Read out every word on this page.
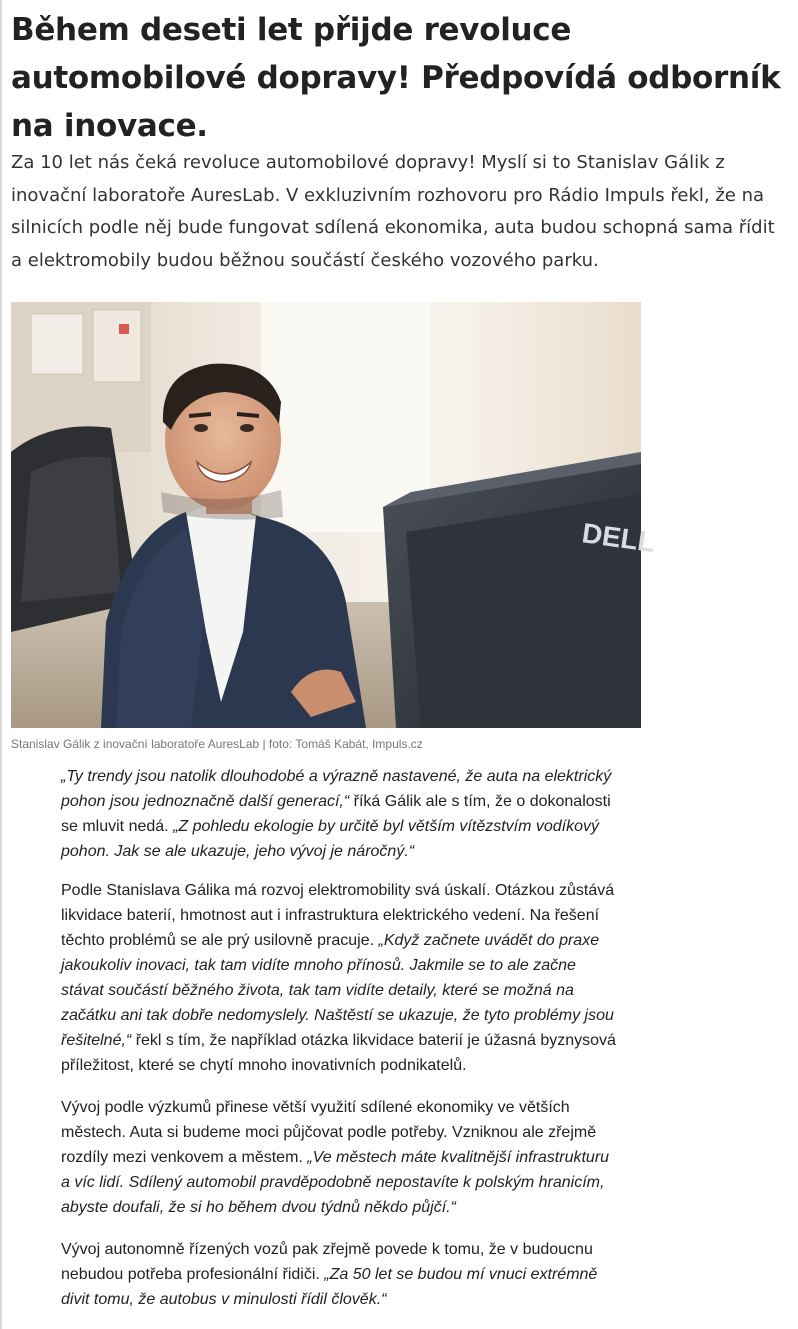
Během deseti let přijde revoluce automobilové dopravy! Předpovídá odborník na inovace.

Za 10 let nás čeká revoluce automobilové dopravy! Myslí si to Stanislav Gálik z inovační laboratoře AuresLab. V exkluzivním rozhovoru pro Rádio Impuls řekl, že na silnicích podle něj bude fungovat sdílená ekonomika, auta budou schopná sama řídit a elektromobily budou běžnou součástí českého vozového parku.

DELL
Stanislav Gálik z inovační laboratoře AuresLab | foto: Tomáš Kabát, Impuls.cz

„Ty trendy jsou natolik dlouhodobé a výrazně nastavené, že auta na elektrický pohon jsou jednoznačně další generací,“ říká Gálik ale s tím, že o dokonalosti se mluvit nedá. „Z pohledu ekologie by určitě byl větším vítězstvím vodíkový pohon. Jak se ale ukazuje, jeho vývoj je náročný.“

Podle Stanislava Gálika má rozvoj elektromobility svá úskalí. Otázkou zůstává likvidace baterií, hmotnost aut i infrastruktura elektrického vedení. Na řešení těchto problémů se ale prý usilovně pracuje. „Když začnete uvádět do praxe jakoukoliv inovaci, tak tam vidíte mnoho přínosů. Jakmile se to ale začne stávat součástí běžného života, tak tam vidíte detaily, které se možná na začátku ani tak dobře nedomyslely. Naštěstí se ukazuje, že tyto problémy jsou řešitelné,“ řekl s tím, že například otázka likvidace baterií je úžasná byznysová příležitost, které se chytí mnoho inovativních podnikatelů.

Vývoj podle výzkumů přinese větší využití sdílené ekonomiky ve větších městech. Auta si budeme moci půjčovat podle potřeby. Vzniknou ale zřejmě rozdíly mezi venkovem a městem. „Ve městech máte kvalitnější infrastrukturu a víc lidí. Sdílený automobil pravděpodobně nepostavíte k polským hranicím, abyste doufali, že si ho během dvou týdnů někdo půjčí.“

Vývoj autonomně řízených vozů pak zřejmě povede k tomu, že v budoucnu nebudou potřeba profesionální řidiči. „Za 50 let se budou mí vnuci extrémně divit tomu, že autobus v minulosti řídil člověk.“
